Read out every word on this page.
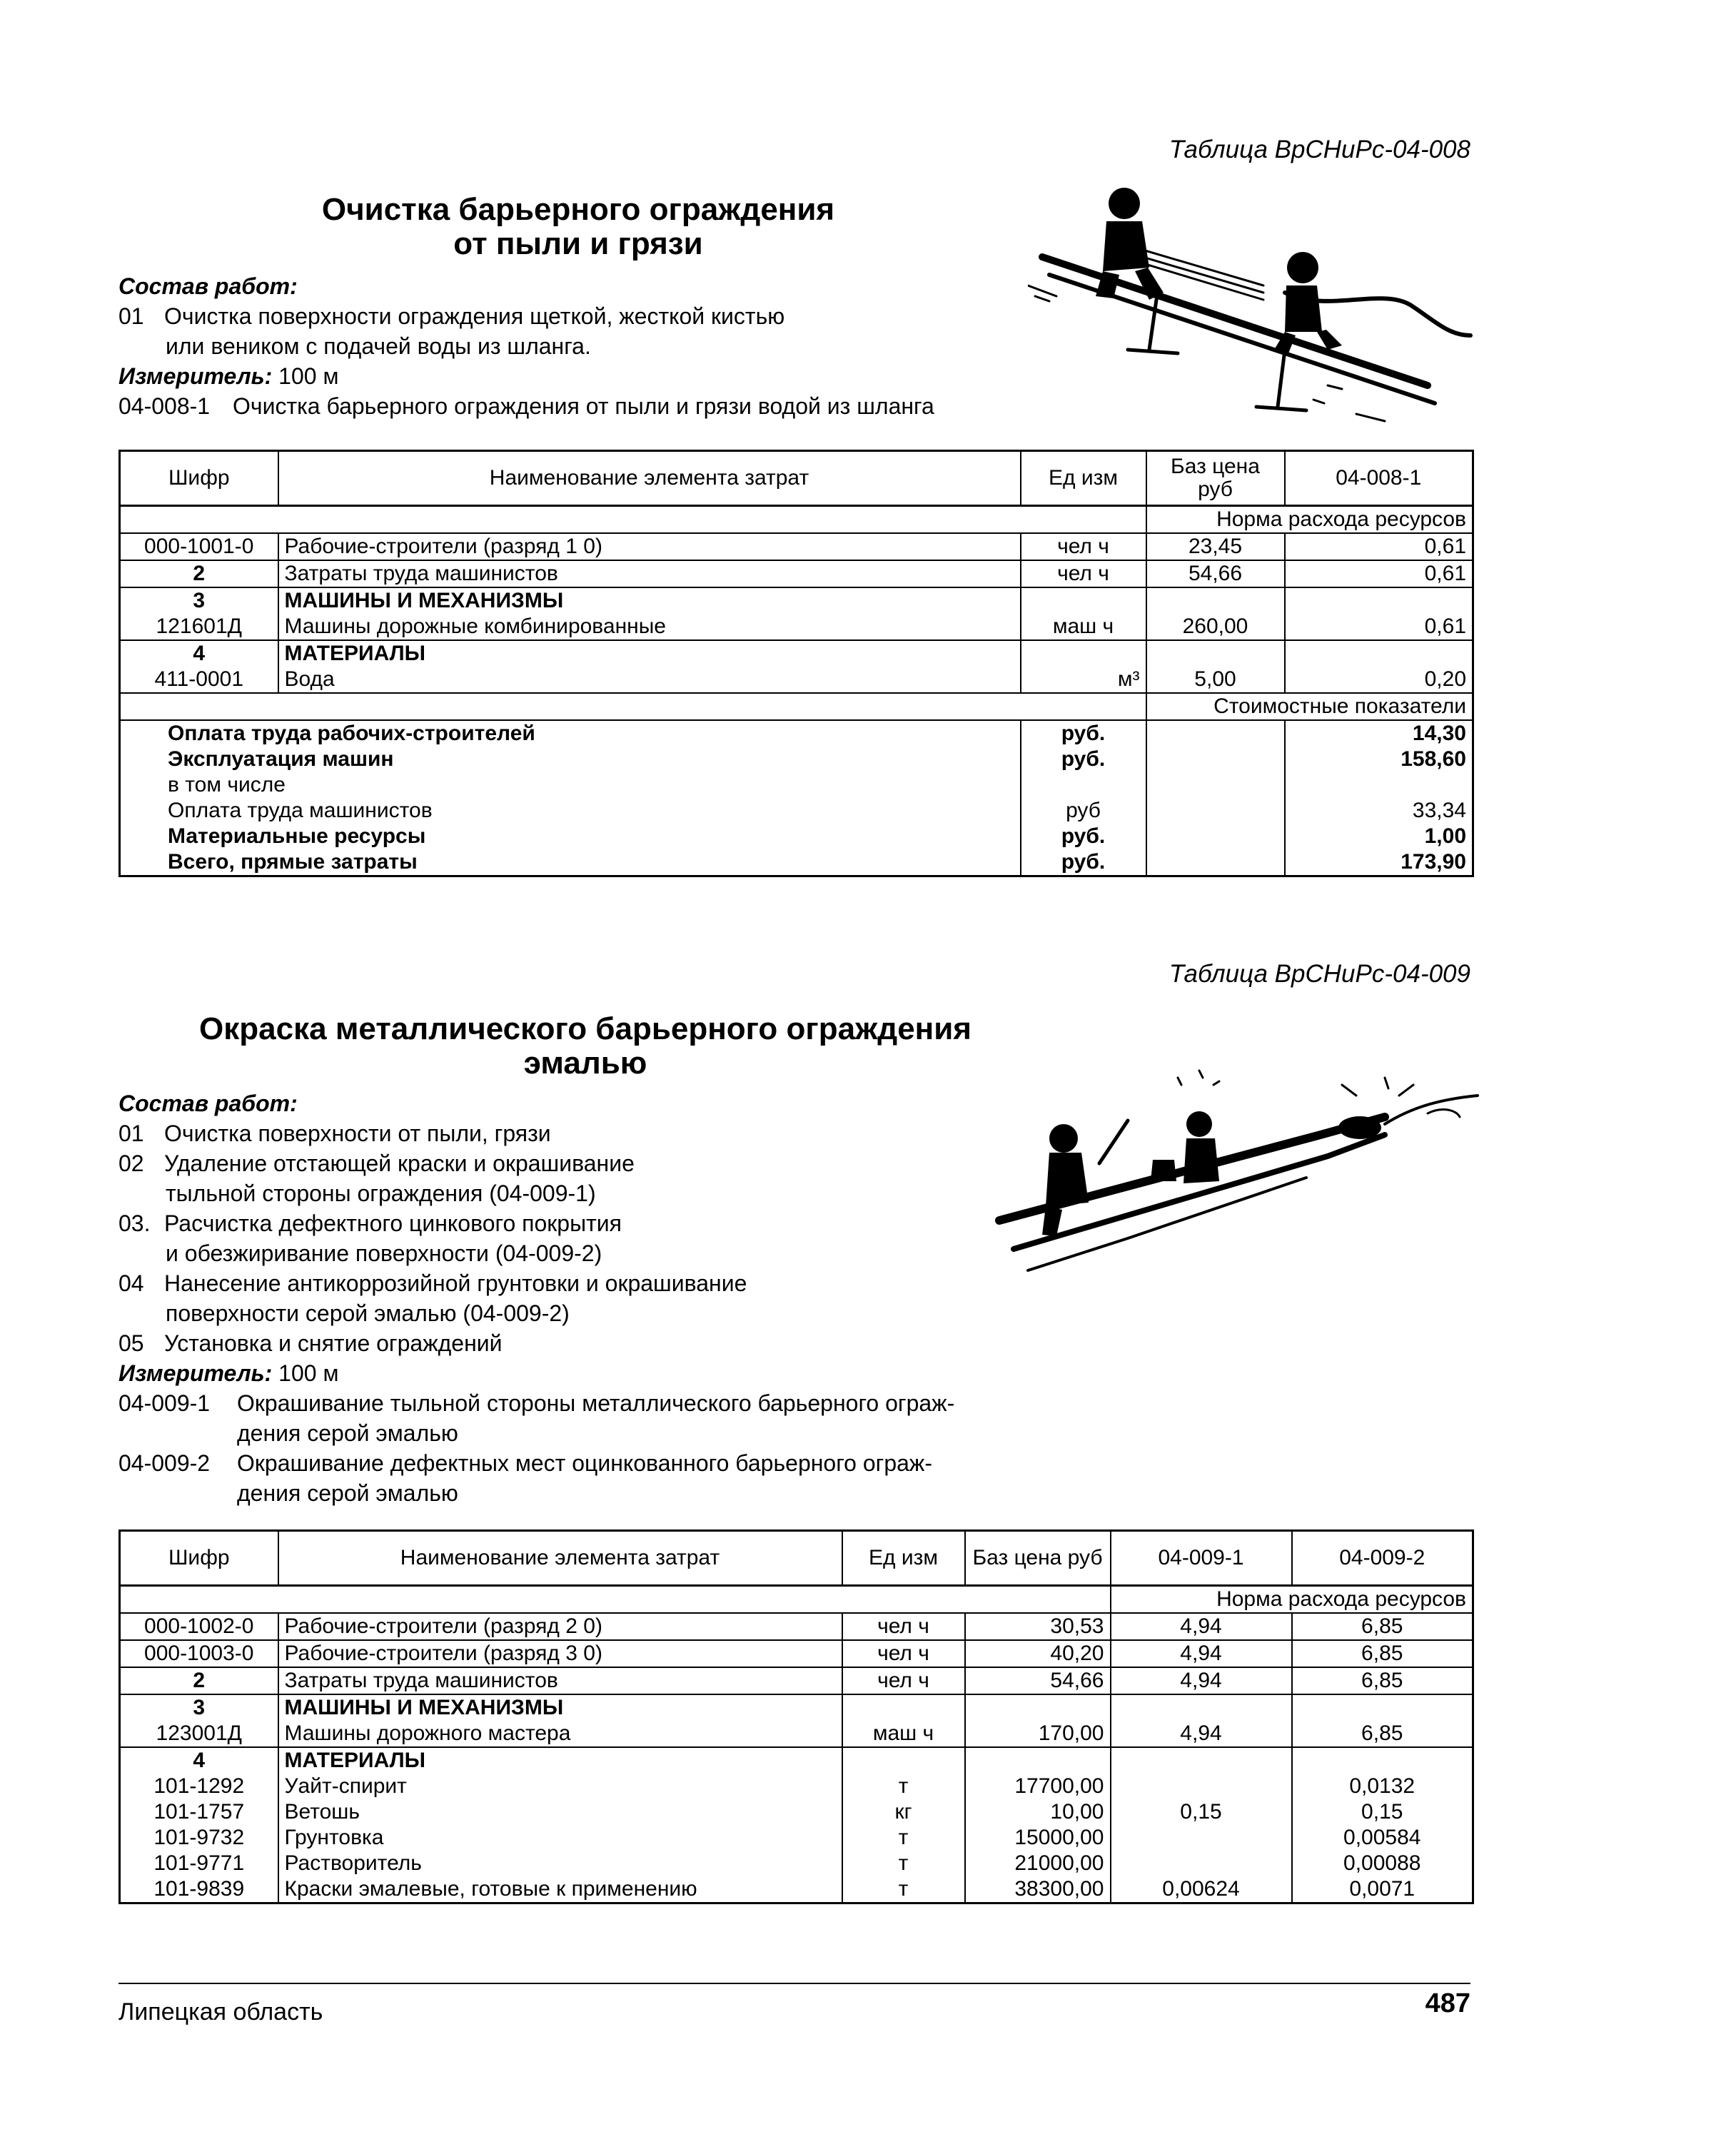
Таблица ВрСНиРс-04-008
Очистка барьерного ограждения
от пыли и грязи
Состав работ:
01 Очистка поверхности ограждения щеткой, жесткой кистью
или веником с подачей воды из шланга.
Измеритель: 100 м
04-008-1 Очистка барьерного ограждения от пыли и грязи водой из шланга
Шифр	Наименование элемента затрат	Ед изм	Баз цена руб	04-008-1
			Норма расхода ресурсов	
000-1001-0	Рабочие-строители (разряд 1 0)	чел ч	23,45	0,61
2	Затраты труда машинистов	чел ч	54,66	0,61
3	МАШИНЫ И МЕХАНИЗМЫ			
121601Д	Машины дорожные комбинированные	маш ч	260,00	0,61
4	МАТЕРИАЛЫ			
411-0001	Вода	м³	5,00	0,20
			Стоимостные показатели	
Оплата труда рабочих-строителей		руб.		14,30
Эксплуатация машин		руб.		158,60
в том числе				
Оплата труда машинистов		руб		33,34
Материальные ресурсы		руб.		1,00
Всего, прямые затраты		руб.		173,90
Таблица ВрСНиРс-04-009
Окраска металлического барьерного ограждения
эмалью
Состав работ:
01 Очистка поверхности от пыли, грязи
02 Удаление отстающей краски и окрашивание
тыльной стороны ограждения (04-009-1)
03. Расчистка дефектного цинкового покрытия
и обезжиривание поверхности (04-009-2)
04 Нанесение антикоррозийной грунтовки и окрашивание
поверхности серой эмалью (04-009-2)
05 Установка и снятие ограждений
Измеритель: 100 м
04-009-1 Окрашивание тыльной стороны металлического барьерного ограж-
дения серой эмалью
04-009-2 Окрашивание дефектных мест оцинкованного барьерного ограж-
дения серой эмалью
Шифр	Наименование элемента затрат	Ед изм	Баз цена руб	04-009-1	04-009-2
				Норма расхода ресурсов	
000-1002-0	Рабочие-строители (разряд 2 0)	чел ч	30,53	4,94	6,85
000-1003-0	Рабочие-строители (разряд 3 0)	чел ч	40,20	4,94	6,85
2	Затраты труда машинистов	чел ч	54,66	4,94	6,85
3	МАШИНЫ И МЕХАНИЗМЫ				
123001Д	Машины дорожного мастера	маш ч	170,00	4,94	6,85
4	МАТЕРИАЛЫ				
101-1292	Уайт-спирит	т	17700,00		0,0132
101-1757	Ветошь	кг	10,00	0,15	0,15
101-9732	Грунтовка	т	15000,00		0,00584
101-9771	Растворитель	т	21000,00		0,00088
101-9839	Краски эмалевые, готовые к применению	т	38300,00	0,00624	0,0071
Липецкая область	487
